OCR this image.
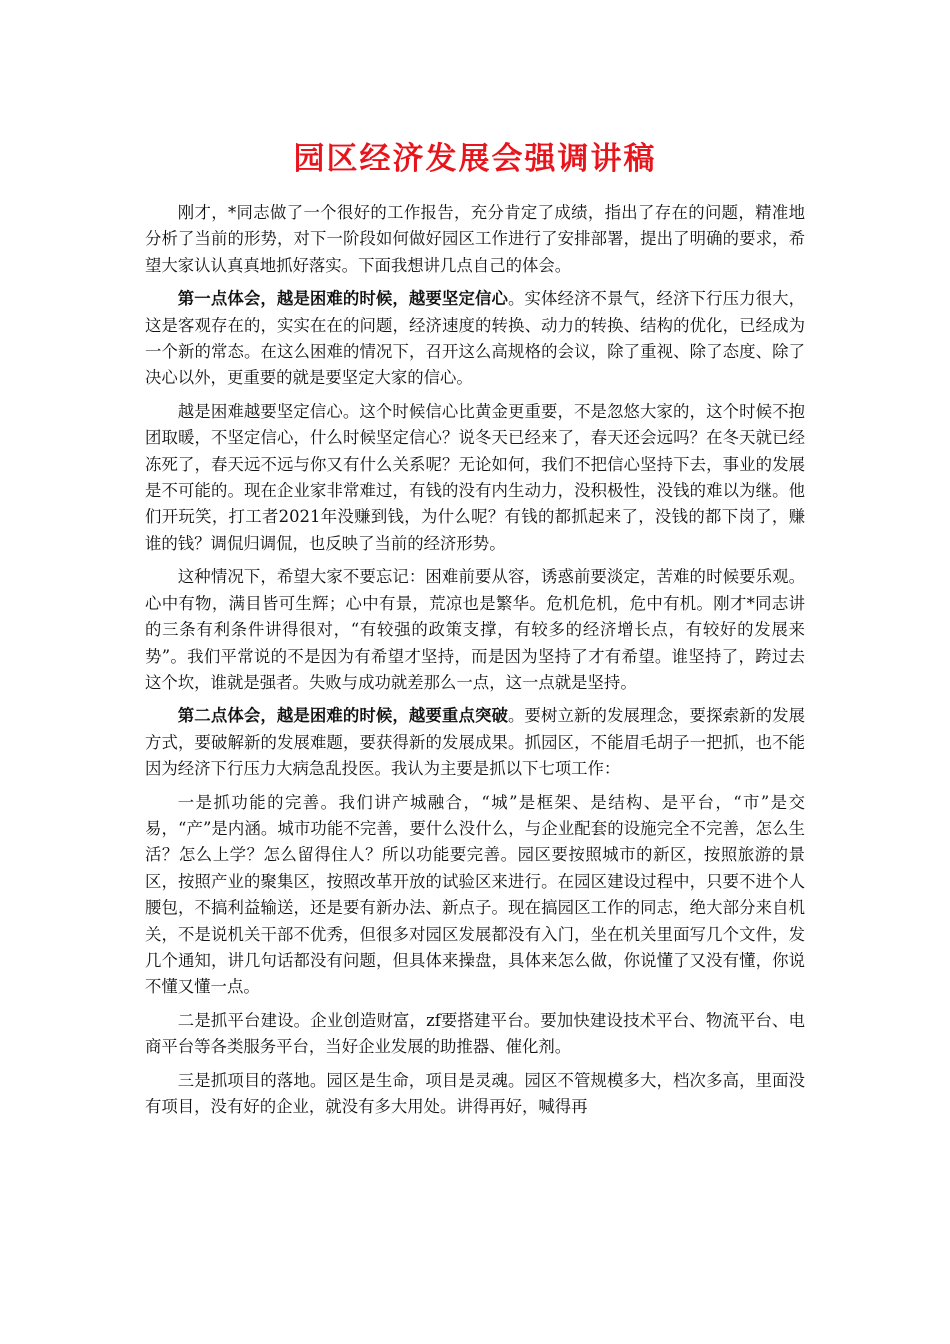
园区经济发展会强调讲稿

刚才，*同志做了一个很好的工作报告，充分肯定了成绩，指出了存在的问题，精准地分析了当前的形势，对下一阶段如何做好园区工作进行了安排部署，提出了明确的要求，希望大家认认真真地抓好落实。下面我想讲几点自己的体会。

第一点体会，越是困难的时候，越要坚定信心。实体经济不景气，经济下行压力很大，这是客观存在的，实实在在的问题，经济速度的转换、动力的转换、结构的优化，已经成为一个新的常态。在这么困难的情况下，召开这么高规格的会议，除了重视、除了态度、除了决心以外，更重要的就是要坚定大家的信心。

越是困难越要坚定信心。这个时候信心比黄金更重要，不是忽悠大家的，这个时候不抱团取暖，不坚定信心，什么时候坚定信心？说冬天已经来了，春天还会远吗？在冬天就已经冻死了，春天远不远与你又有什么关系呢？无论如何，我们不把信心坚持下去，事业的发展是不可能的。现在企业家非常难过，有钱的没有内生动力，没积极性，没钱的难以为继。他们开玩笑，打工者2021年没赚到钱，为什么呢？有钱的都抓起来了，没钱的都下岗了，赚谁的钱？调侃归调侃，也反映了当前的经济形势。

这种情况下，希望大家不要忘记：困难前要从容，诱惑前要淡定，苦难的时候要乐观。心中有物，满目皆可生辉；心中有景，荒凉也是繁华。危机危机，危中有机。刚才*同志讲的三条有利条件讲得很对，“有较强的政策支撑，有较多的经济增长点，有较好的发展来势”。我们平常说的不是因为有希望才坚持，而是因为坚持了才有希望。谁坚持了，跨过去这个坎，谁就是强者。失败与成功就差那么一点，这一点就是坚持。

第二点体会，越是困难的时候，越要重点突破。要树立新的发展理念，要探索新的发展方式，要破解新的发展难题，要获得新的发展成果。抓园区，不能眉毛胡子一把抓，也不能因为经济下行压力大病急乱投医。我认为主要是抓以下七项工作：

一是抓功能的完善。我们讲产城融合，“城”是框架、是结构、是平台，“市”是交易，“产”是内涵。城市功能不完善，要什么没什么，与企业配套的设施完全不完善，怎么生活？怎么上学？怎么留得住人？所以功能要完善。园区要按照城市的新区，按照旅游的景区，按照产业的聚集区，按照改革开放的试验区来进行。在园区建设过程中，只要不进个人腰包，不搞利益输送，还是要有新办法、新点子。现在搞园区工作的同志，绝大部分来自机关，不是说机关干部不优秀，但很多对园区发展都没有入门，坐在机关里面写几个文件，发几个通知，讲几句话都没有问题，但具体来操盘，具体来怎么做，你说懂了又没有懂，你说不懂又懂一点。

二是抓平台建设。企业创造财富，zf要搭建平台。要加快建设技术平台、物流平台、电商平台等各类服务平台，当好企业发展的助推器、催化剂。

三是抓项目的落地。园区是生命，项目是灵魂。园区不管规模多大，档次多高，里面没有项目，没有好的企业，就没有多大用处。讲得再好，喊得再
